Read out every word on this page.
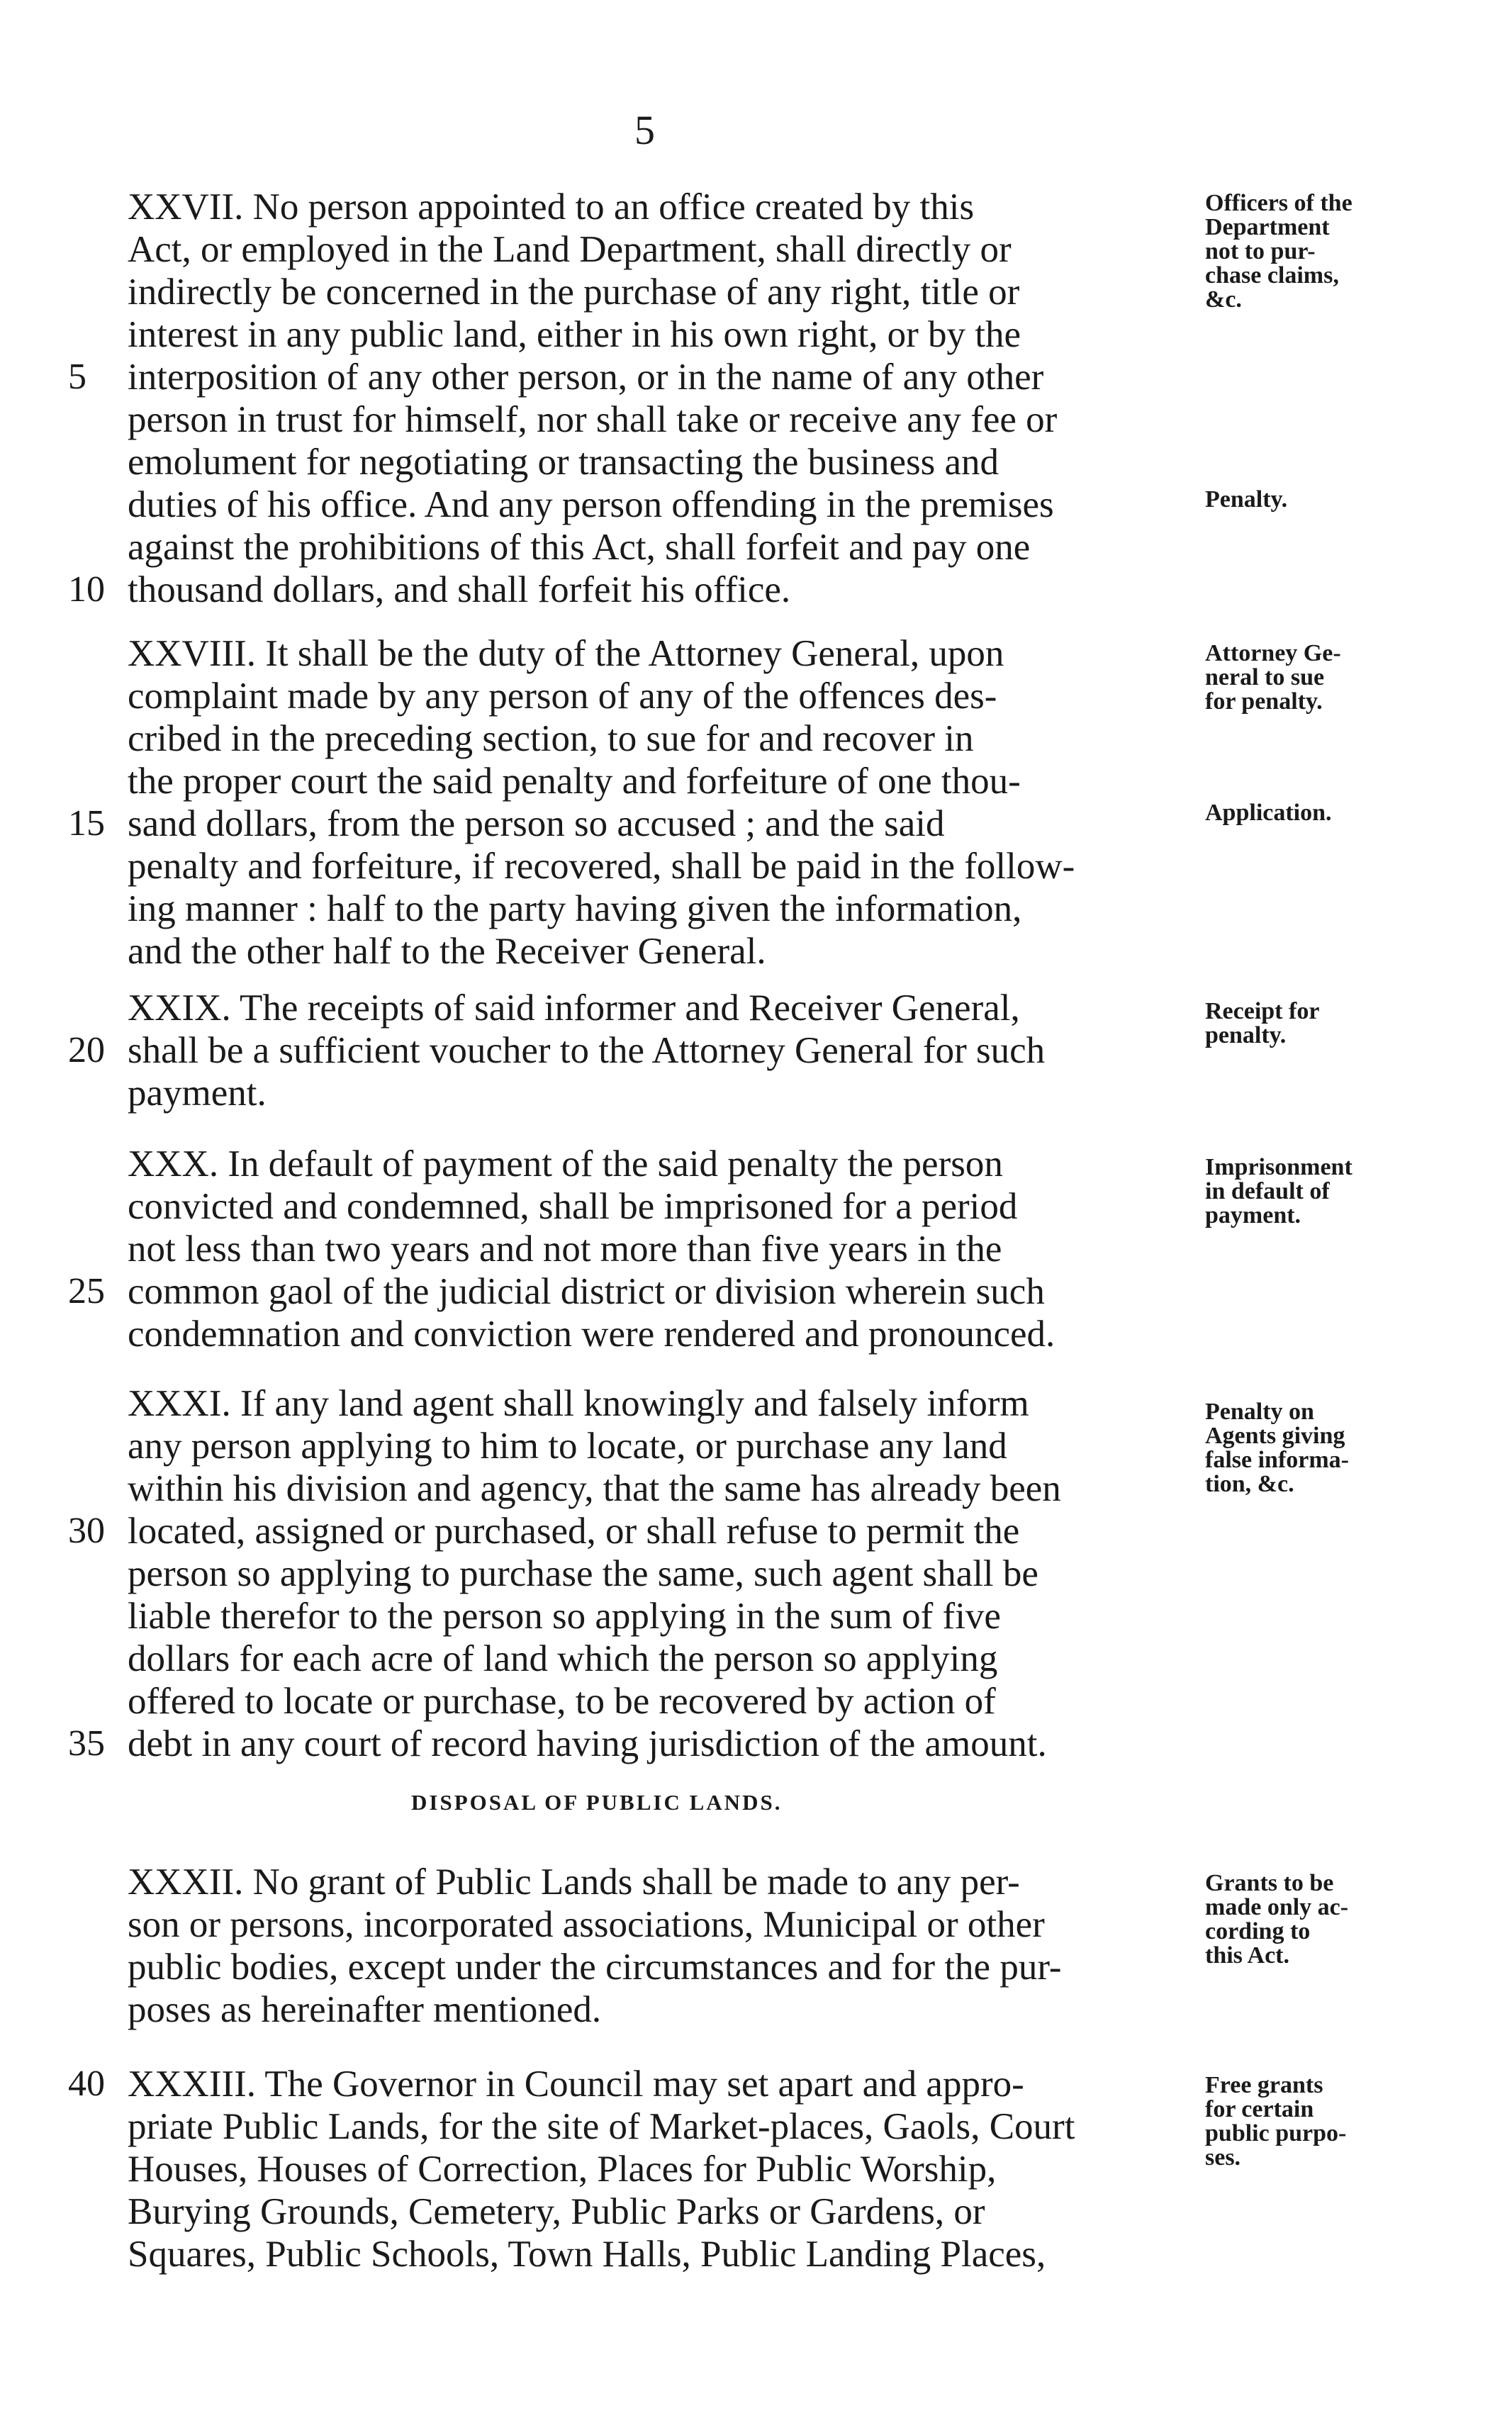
5
XXVII. No person appointed to an office created by this
Act, or employed in the Land Department, shall directly or
indirectly be concerned in the purchase of any right, title or
interest in any public land, either in his own right, or by the
interposition of any other person, or in the name of any other
person in trust for himself, nor shall take or receive any fee or
emolument for negotiating or transacting the business and
duties of his office. And any person offending in the premises
against the prohibitions of this Act, shall forfeit and pay one
thousand dollars, and shall forfeit his office.
Officers of the
Department
not to pur-
chase claims,
&c.
Penalty.
XXVIII. It shall be the duty of the Attorney General, upon
complaint made by any person of any of the offences des-
cribed in the preceding section, to sue for and recover in
the proper court the said penalty and forfeiture of one thou-
sand dollars, from the person so accused ; and the said
penalty and forfeiture, if recovered, shall be paid in the follow-
ing manner : half to the party having given the information,
and the other half to the Receiver General.
Attorney Ge-
neral to sue
for penalty.
Application.
XXIX. The receipts of said informer and Receiver General,
shall be a sufficient voucher to the Attorney General for such
payment.
Receipt for
penalty.
XXX. In default of payment of the said penalty the person
convicted and condemned, shall be imprisoned for a period
not less than two years and not more than five years in the
common gaol of the judicial district or division wherein such
condemnation and conviction were rendered and pronounced.
Imprisonment
in default of
payment.
XXXI. If any land agent shall knowingly and falsely inform
any person applying to him to locate, or purchase any land
within his division and agency, that the same has already been
located, assigned or purchased, or shall refuse to permit the
person so applying to purchase the same, such agent shall be
liable therefor to the person so applying in the sum of five
dollars for each acre of land which the person so applying
offered to locate or purchase, to be recovered by action of
debt in any court of record having jurisdiction of the amount.
Penalty on
Agents giving
false informa-
tion, &c.
DISPOSAL OF PUBLIC LANDS.
XXXII. No grant of Public Lands shall be made to any per-
son or persons, incorporated associations, Municipal or other
public bodies, except under the circumstances and for the pur-
poses as hereinafter mentioned.
Grants to be
made only ac-
cording to
this Act.
XXXIII. The Governor in Council may set apart and appro-
priate Public Lands, for the site of Market-places, Gaols, Court
Houses, Houses of Correction, Places for Public Worship,
Burying Grounds, Cemetery, Public Parks or Gardens, or
Squares, Public Schools, Town Halls, Public Landing Places,
Free grants
for certain
public purpo-
ses.
5
10
15
20
25
30
35
40
